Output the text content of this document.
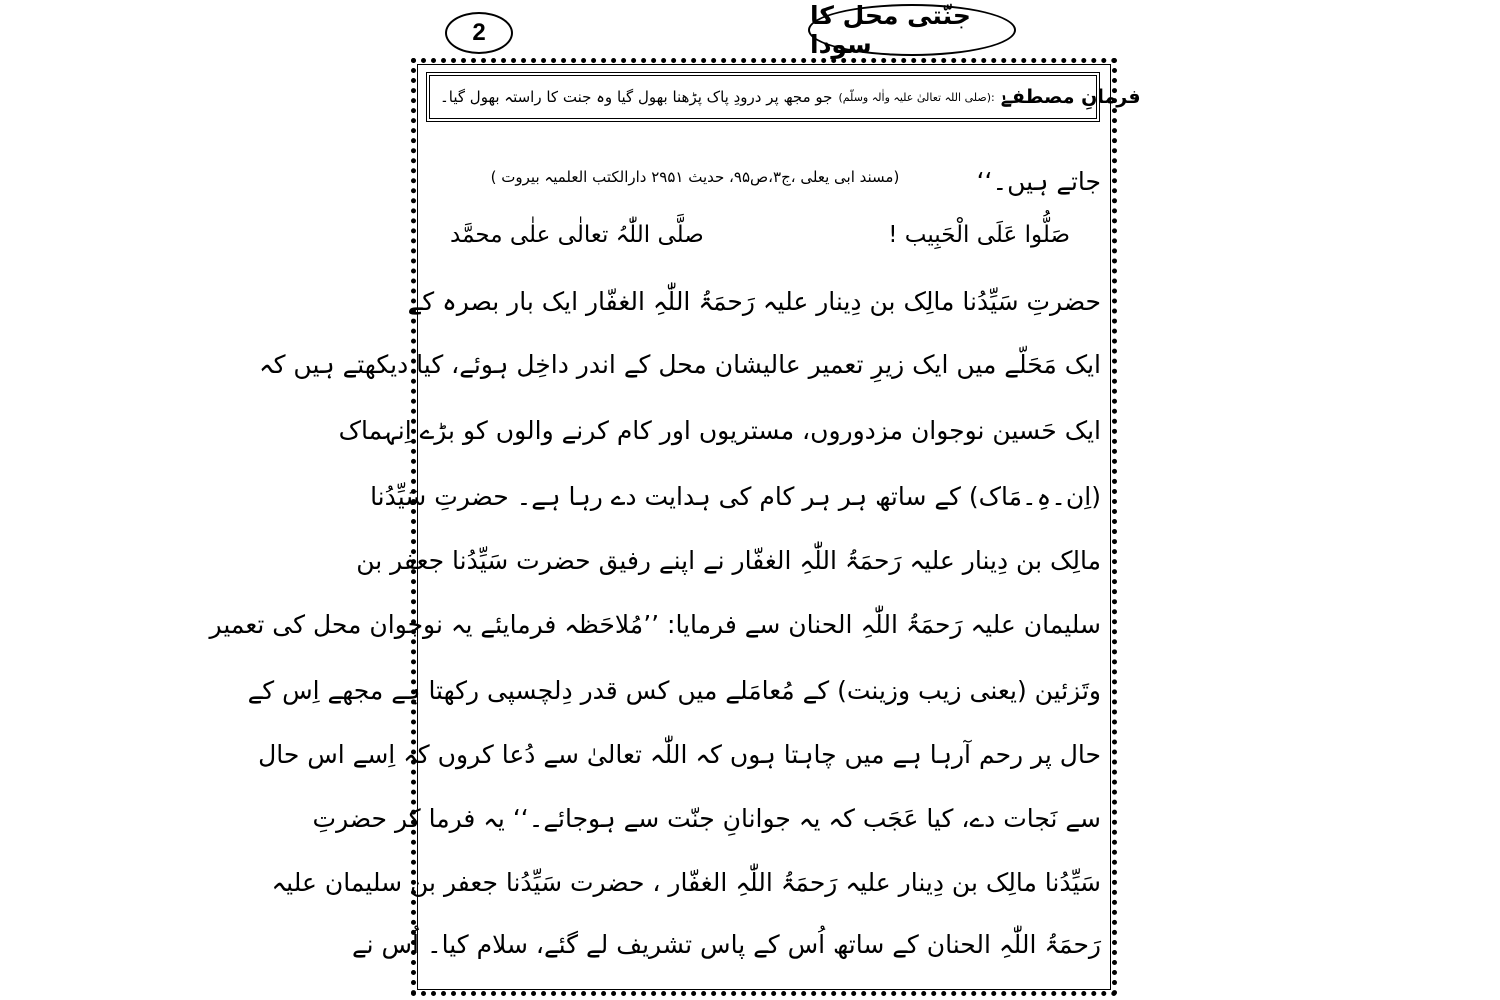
2
جنّتی محل کا سودا
فرمانِ مصطفےٰ
:(صلی اللہ تعالیٰ علیہ واٰلہ وسلّم)
جو مجھ پر درودِ پاک پڑھنا بھول گیا وہ جنت کا راستہ بھول گیا۔
جاتے ہیں۔‘‘
(مسند ابی یعلی ،ج۳،ص۹۵، حدیث ۲۹۵۱ دارالکتب العلمیہ بیروت )
صَلُّوا عَلَی الْحَبِیب !
صلَّی اللّٰہُ تعالٰی علٰی محمَّد
حضرتِ سَیِّدُنا مالِک بن دِینار علیہ رَحمَۃُ اللّٰہِ الغفّار ایک بار بصرہ کے
ایک مَحَلّے میں ایک زیرِ تعمیر عالیشان محل کے اندر داخِل ہوئے، کیا دیکھتے ہیں کہ
ایک حَسین نوجوان مزدوروں، مستریوں اور کام کرنے والوں کو بڑے اِنہماک
(اِن۔ہِ۔مَاک) کے ساتھ ہر ہر کام کی ہدایت دے رہا ہے۔ حضرتِ سَیِّدُنا
مالِک بن دِینار علیہ رَحمَۃُ اللّٰہِ الغفّار نے اپنے رفیق حضرت سَیِّدُنا جعفر بن
سلیمان علیہ رَحمَۃُ اللّٰہِ الحنان سے فرمایا: ’’مُلاحَظہ فرمایئے یہ نوجوان محل کی تعمیر
وتَزئین (یعنی زیب وزینت) کے مُعامَلے میں کس قدر دِلچسپی رکھتا ہے مجھے اِس کے
حال پر رحم آرہا ہے میں چاہتا ہوں کہ اللّٰہ تعالیٰ سے دُعا کروں کہ اِسے اس حال
سے نَجات دے، کیا عَجَب کہ یہ جوانانِ جنّت سے ہوجائے۔‘‘ یہ فرما کر حضرتِ
سَیِّدُنا مالِک بن دِینار علیہ رَحمَۃُ اللّٰہِ الغفّار ، حضرت سَیِّدُنا جعفر بن سلیمان علیہ
رَحمَۃُ اللّٰہِ الحنان کے ساتھ اُس کے پاس تشریف لے گئے، سلام کیا۔ اُس نے
